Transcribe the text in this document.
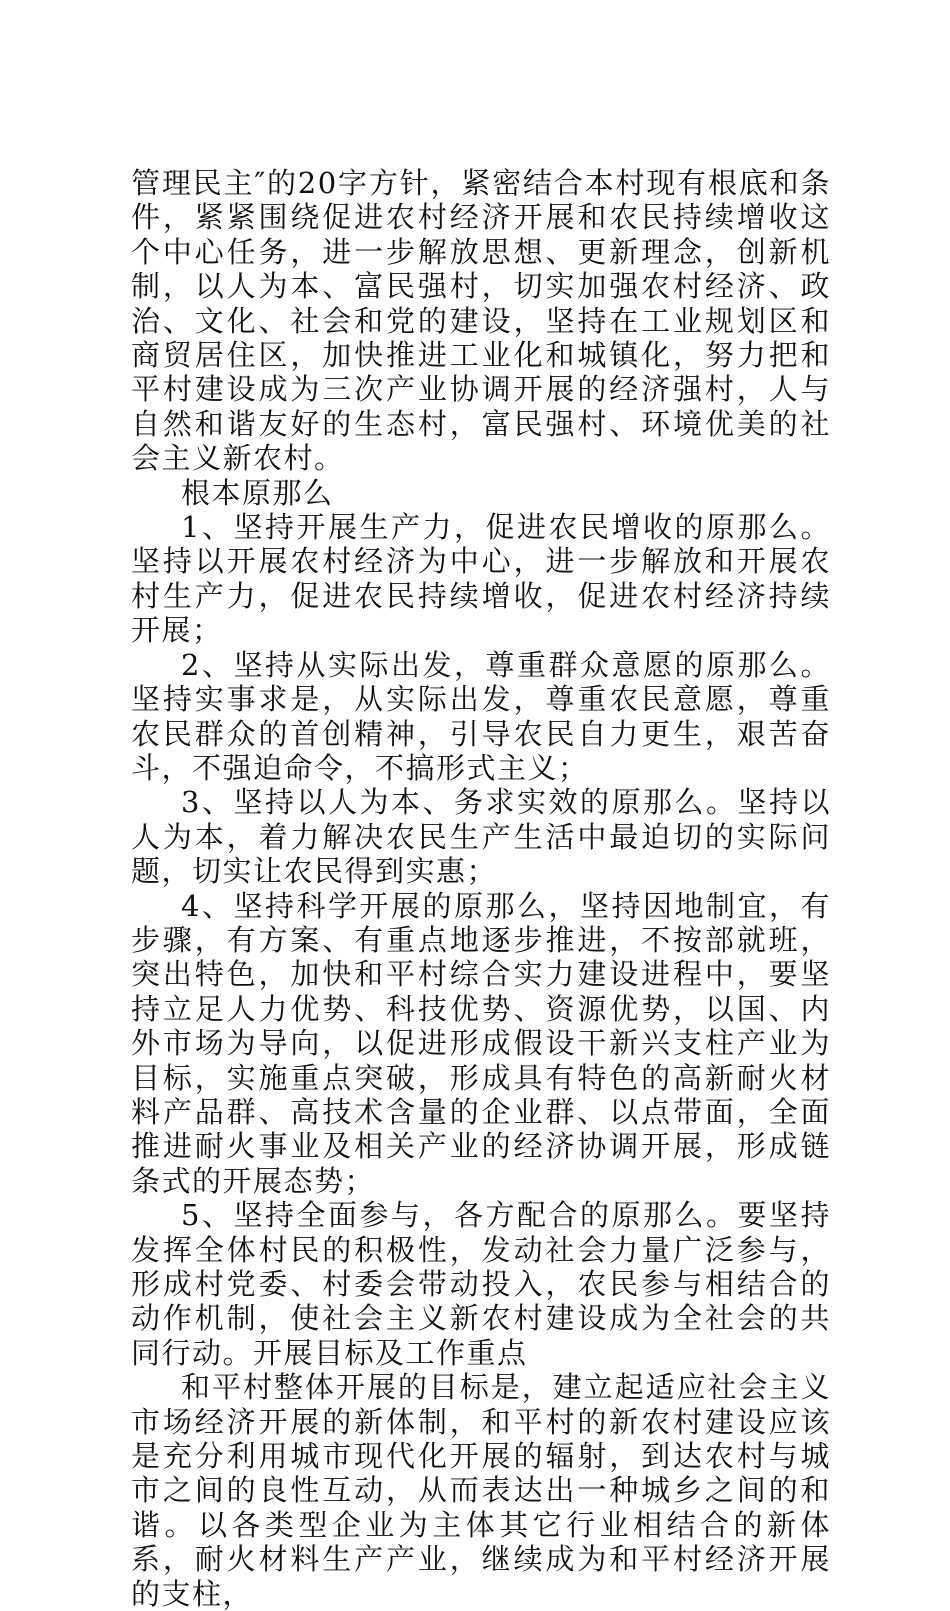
管理民主″的20字方针，紧密结合本村现有根底和条件，紧紧围绕促进农村经济开展和农民持续增收这个中心任务，进一步解放思想、更新理念，创新机制，以人为本、富民强村，切实加强农村经济、政治、文化、社会和党的建设，坚持在工业规划区和商贸居住区，加快推进工业化和城镇化，努力把和平村建设成为三次产业协调开展的经济强村，人与自然和谐友好的生态村，富民强村、环境优美的社会主义新农村。

根本原那么

1、坚持开展生产力，促进农民增收的原那么。坚持以开展农村经济为中心，进一步解放和开展农村生产力，促进农民持续增收，促进农村经济持续开展；

2、坚持从实际出发，尊重群众意愿的原那么。坚持实事求是，从实际出发，尊重农民意愿，尊重农民群众的首创精神，引导农民自力更生，艰苦奋斗，不强迫命令，不搞形式主义；

3、坚持以人为本、务求实效的原那么。坚持以人为本，着力解决农民生产生活中最迫切的实际问题，切实让农民得到实惠；

4、坚持科学开展的原那么，坚持因地制宜，有步骤，有方案、有重点地逐步推进，不按部就班，突出特色，加快和平村综合实力建设进程中，要坚持立足人力优势、科技优势、资源优势，以国、内外市场为导向，以促进形成假设干新兴支柱产业为目标，实施重点突破，形成具有特色的高新耐火材料产品群、高技术含量的企业群、以点带面，全面推进耐火事业及相关产业的经济协调开展，形成链条式的开展态势；

5、坚持全面参与，各方配合的原那么。要坚持发挥全体村民的积极性，发动社会力量广泛参与，形成村党委、村委会带动投入，农民参与相结合的动作机制，使社会主义新农村建设成为全社会的共同行动。开展目标及工作重点

和平村整体开展的目标是，建立起适应社会主义市场经济开展的新体制，和平村的新农村建设应该是充分利用城市现代化开展的辐射，到达农村与城市之间的良性互动，从而表达出一种城乡之间的和谐。以各类型企业为主体其它行业相结合的新体系，耐火材料生产产业，继续成为和平村经济开展的支柱，
